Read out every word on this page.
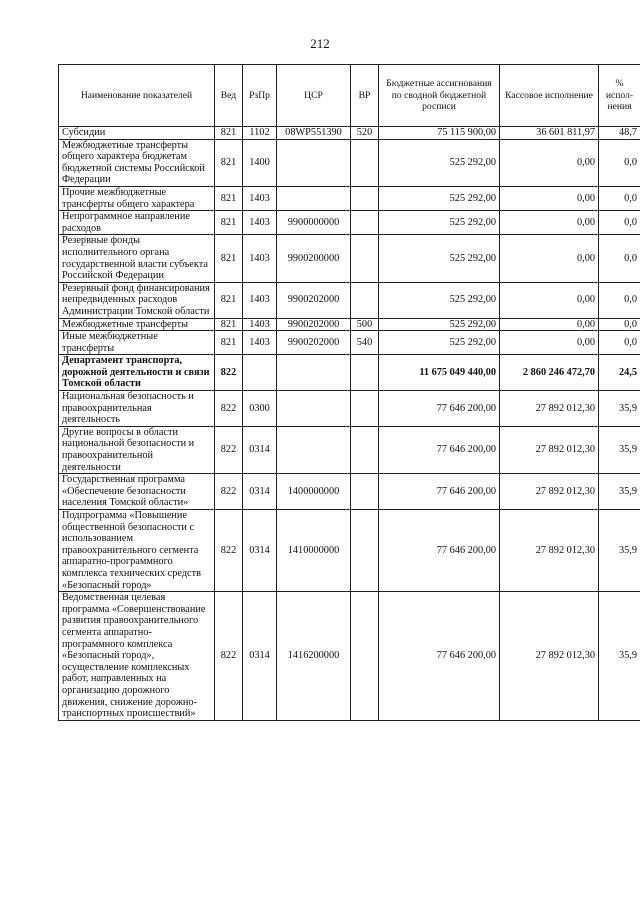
212
Наименование показателей	Вед	РзПр	ЦСР	ВР	Бюджетные ассигнования по сводной бюджетной росписи	Кассовое исполнение	% испол-нения
Субсидии	821	1102	08WP551390	520	75 115 900,00	36 601 811,97	48,7
Межбюджетные трансферты общего характера бюджетам бюджетной системы Российской Федерации	821	1400			525 292,00	0,00	0,0
Прочие межбюджетные трансферты общего характера	821	1403			525 292,00	0,00	0,0
Непрограммное направление расходов	821	1403	9900000000		525 292,00	0,00	0,0
Резервные фонды исполнительного органа государственной власти субъекта Российской Федерации	821	1403	9900200000		525 292,00	0,00	0,0
Резервный фонд финансирования непредвиденных расходов Администрации Томской области	821	1403	9900202000		525 292,00	0,00	0,0
Межбюджетные трансферты	821	1403	9900202000	500	525 292,00	0,00	0,0
Иные межбюджетные трансферты	821	1403	9900202000	540	525 292,00	0,00	0,0
Департамент транспорта, дорожной деятельности и связи Томской области	822				11 675 049 440,00	2 860 246 472,70	24,5
Национальная безопасность и правоохранительная деятельность	822	0300			77 646 200,00	27 892 012,30	35,9
Другие вопросы в области национальной безопасности и правоохранительной деятельности	822	0314			77 646 200,00	27 892 012,30	35,9
Государственная программа «Обеспечение безопасности населения Томской области»	822	0314	1400000000		77 646 200,00	27 892 012,30	35,9
Подпрограмма «Повышение общественной безопасности с использованием правоохранительного сегмента аппаратно-программного комплекса технических средств «Безопасный город»	822	0314	1410000000		77 646 200,00	27 892 012,30	35,9
Ведомственная целевая программа «Совершенствование развития правоохранительного сегмента аппаратно-программного комплекса «Безопасный город», осуществление комплексных работ, направленных на организацию дорожного движения, снижение дорожно-транспортных происшествий»	822	0314	1416200000		77 646 200,00	27 892 012,30	35,9
